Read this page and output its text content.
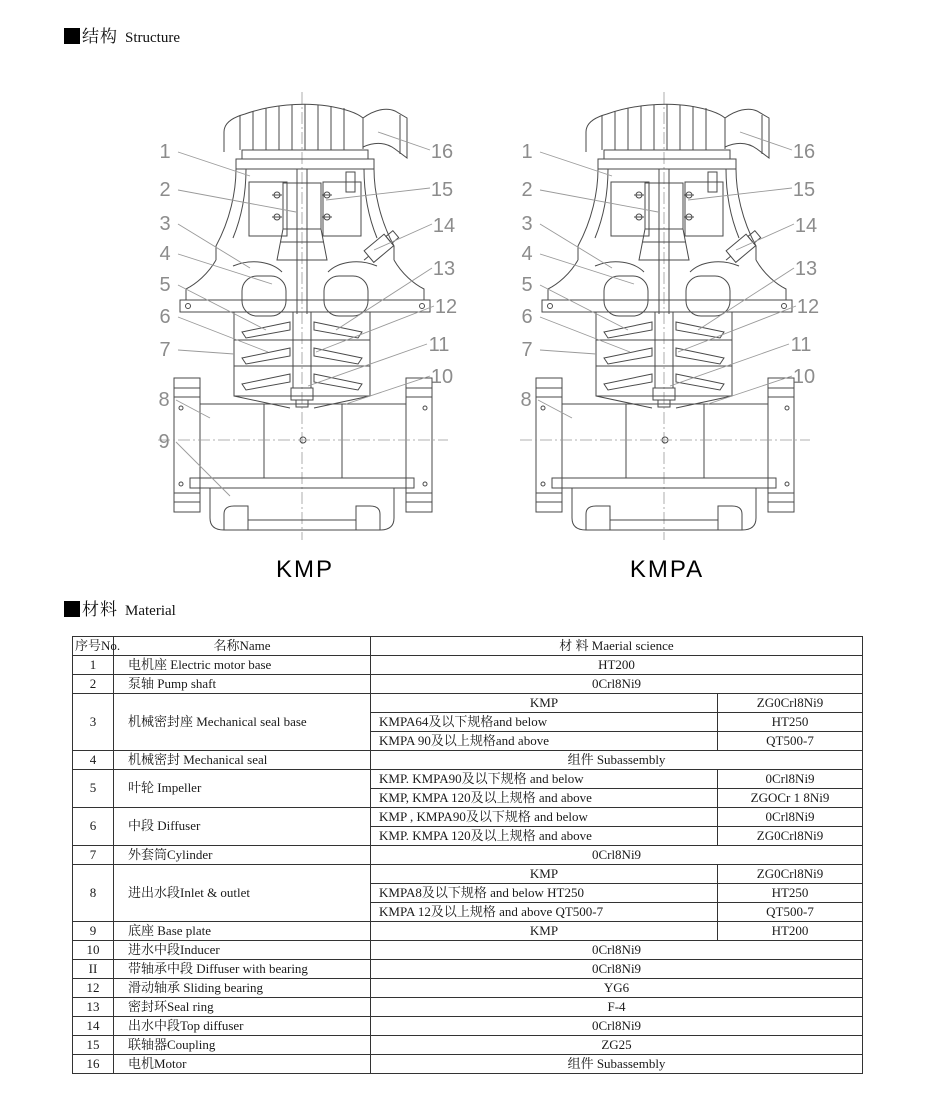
结构 Structure
1
2
3
4
5
6
7
8
9
16
15
14
13
12
11
10
KMP
1
2
3
4
5
6
7
8
16
15
14
13
12
11
10
KMPA
材料 Material
序号No.	名称Name	材 料 Maerial science	
1	电机座 Electric motor base	HT200	
2	泵轴 Pump shaft	0Crl8Ni9	
3	机械密封座 Mechanical seal base	KMP	ZG0Crl8Ni9
		KMPA64及以下规格and below	HT250
		KMPA 90及以上规格and above	QT500-7
4	机械密封 Mechanical seal	组件 Subassembly	
5	叶轮 Impeller	KMP. KMPA90及以下规格 and below	0Crl8Ni9
		KMP, KMPA 120及以上规格 and above	ZGOCr 1 8Ni9
6	中段 Diffuser	KMP , KMPA90及以下规格 and below	0Crl8Ni9
		KMP. KMPA 120及以上规格 and above	ZG0Crl8Ni9
7	外套筒Cylinder	0Crl8Ni9	
8	进出水段Inlet & outlet	KMP	ZG0Crl8Ni9
		KMPA8及以下规格 and below HT250	HT250
		KMPA 12及以上规格 and above QT500-7	QT500-7
9	底座 Base plate	KMP	HT200
10	进水中段Inducer	0Crl8Ni9	
II	带轴承中段 Diffuser with bearing	0Crl8Ni9	
12	滑动轴承 Sliding bearing	YG6	
13	密封环Seal ring	F-4	
14	出水中段Top diffuser	0Crl8Ni9	
15	联轴器Coupling	ZG25	
16	电机Motor	组件 Subassembly	
